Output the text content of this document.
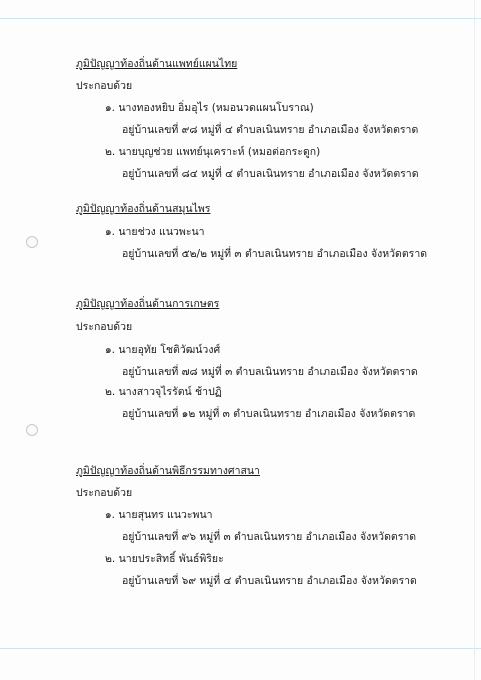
ภูมิปัญญาท้องถิ่นด้านแพทย์แผนไทย
ประกอบด้วย
๑. นางทองหยิบ อิ่มอุไร (หมอนวดแผนโบราณ)
อยู่บ้านเลขที่ ๙๘ หมู่ที่ ๔ ตำบลเนินทราย อำเภอเมือง จังหวัดตราด
๒. นายบุญช่วย แพทย์นุเคราะห์ (หมอต่อกระดูก)
อยู่บ้านเลขที่ ๘๔ หมู่ที่ ๔ ตำบลเนินทราย อำเภอเมือง จังหวัดตราด
ภูมิปัญญาท้องถิ่นด้านสมุนไพร
๑. นายช่วง แนวพะนา
อยู่บ้านเลขที่ ๕๒/๒ หมู่ที่ ๓ ตำบลเนินทราย อำเภอเมือง จังหวัดตราด
ภูมิปัญญาท้องถิ่นด้านการเกษตร
ประกอบด้วย
๑. นายอุทัย โชติวัฒน์วงศ์
อยู่บ้านเลขที่ ๗๘ หมู่ที่ ๓ ตำบลเนินทราย อำเภอเมือง จังหวัดตราด
๒. นางสาวจุไรรัตน์ ช้าปฏิ
อยู่บ้านเลขที่ ๑๒ หมู่ที่ ๓ ตำบลเนินทราย อำเภอเมือง จังหวัดตราด
ภูมิปัญญาท้องถิ่นด้านพิธีกรรมทางศาสนา
ประกอบด้วย
๑. นายสุนทร แนวะพนา
อยู่บ้านเลขที่ ๙๖ หมู่ที่ ๓ ตำบลเนินทราย อำเภอเมือง จังหวัดตราด
๒. นายประสิทธิ์ พันธ์พิริยะ
อยู่บ้านเลขที่ ๖๙ หมู่ที่ ๔ ตำบลเนินทราย อำเภอเมือง จังหวัดตราด
